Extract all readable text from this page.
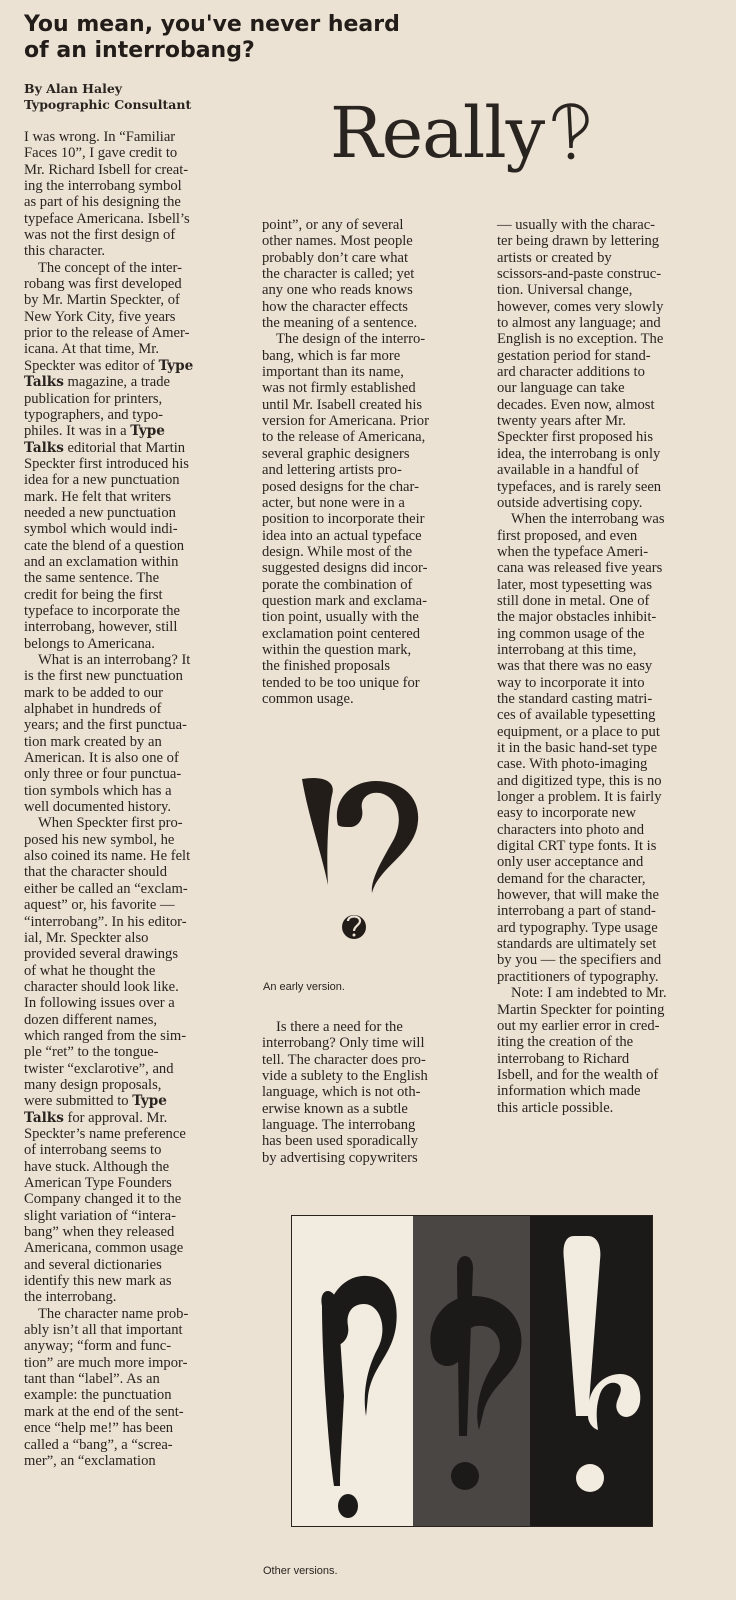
You mean, you've never heard
of an interrobang?
By Alan Haley
Typographic Consultant	Really
I was wrong. In “Familiar
Faces 10”, I gave credit to
Mr. Richard Isbell for creat-
ing the interrobang symbol
as part of his designing the
typeface Americana. Isbell’s
was not the first design of
this character.
The concept of the inter-
robang was first developed
by Mr. Martin Speckter, of
New York City, five years
prior to the release of Amer-
icana. At that time, Mr.
Speckter was editor of Type
Talks magazine, a trade
publication for printers,
typographers, and typo-
philes. It was in a Type
Talks editorial that Martin
Speckter first introduced his
idea for a new punctuation
mark. He felt that writers
needed a new punctuation
symbol which would indi-
cate the blend of a question
and an exclamation within
the same sentence. The
credit for being the first
typeface to incorporate the
interrobang, however, still
belongs to Americana.
What is an interrobang? It
is the first new punctuation
mark to be added to our
alphabet in hundreds of
years; and the first punctua-
tion mark created by an
American. It is also one of
only three or four punctua-
tion symbols which has a
well documented history.
When Speckter first pro-
posed his new symbol, he
also coined its name. He felt
that the character should
either be called an “exclam-
aquest” or, his favorite —
“interrobang”. In his editor-
ial, Mr. Speckter also
provided several drawings
of what he thought the
character should look like.
In following issues over a
dozen different names,
which ranged from the sim-
ple “ret” to the tongue-
twister “exclarotive”, and
many design proposals,
were submitted to Type
Talks for approval. Mr.
Speckter’s name preference
of interrobang seems to
have stuck. Although the
American Type Founders
Company changed it to the
slight variation of “intera-
bang” when they released
Americana, common usage
and several dictionaries
identify this new mark as
the interrobang.
The character name prob-
ably isn’t all that important
anyway; “form and func-
tion” are much more impor-
tant than “label”. As an
example: the punctuation
mark at the end of the sent-
ence “help me!” has been
called a “bang”, a “screa-
mer”, an “exclamation
point”, or any of several
other names. Most people
probably don’t care what
the character is called; yet
any one who reads knows
how the character effects
the meaning of a sentence.
The design of the interro-
bang, which is far more
important than its name,
was not firmly established
until Mr. Isabell created his
version for Americana. Prior
to the release of Americana,
several graphic designers
and lettering artists pro-
posed designs for the char-
acter, but none were in a
position to incorporate their
idea into an actual typeface
design. While most of the
suggested designs did incor-
porate the combination of
question mark and exclama-
tion point, usually with the
exclamation point centered
within the question mark,
the finished proposals
tended to be too unique for
common usage.
Is there a need for the
interrobang? Only time will
tell. The character does pro-
vide a sublety to the English
language, which is not oth-
erwise known as a subtle
language. The interrobang
has been used sporadically
by advertising copywriters
— usually with the charac-
ter being drawn by lettering
artists or created by
scissors-and-paste construc-
tion. Universal change,
however, comes very slowly
to almost any language; and
English is no exception. The
gestation period for stand-
ard character additions to
our language can take
decades. Even now, almost
twenty years after Mr.
Speckter first proposed his
idea, the interrobang is only
available in a handful of
typefaces, and is rarely seen
outside advertising copy.
When the interrobang was
first proposed, and even
when the typeface Ameri-
cana was released five years
later, most typesetting was
still done in metal. One of
the major obstacles inhibit-
ing common usage of the
interrobang at this time,
was that there was no easy
way to incorporate it into
the standard casting matri-
ces of available typesetting
equipment, or a place to put
it in the basic hand-set type
case. With photo-imaging
and digitized type, this is no
longer a problem. It is fairly
easy to incorporate new
characters into photo and
digital CRT type fonts. It is
only user acceptance and
demand for the character,
however, that will make the
interrobang a part of stand-
ard typography. Type usage
standards are ultimately set
by you — the specifiers and
practitioners of typography.
Note: I am indebted to Mr.
Martin Speckter for pointing
out my earlier error in cred-
iting the creation of the
interrobang to Richard
Isbell, and for the wealth of
information which made
this article possible.
An early version.
Other versions.
